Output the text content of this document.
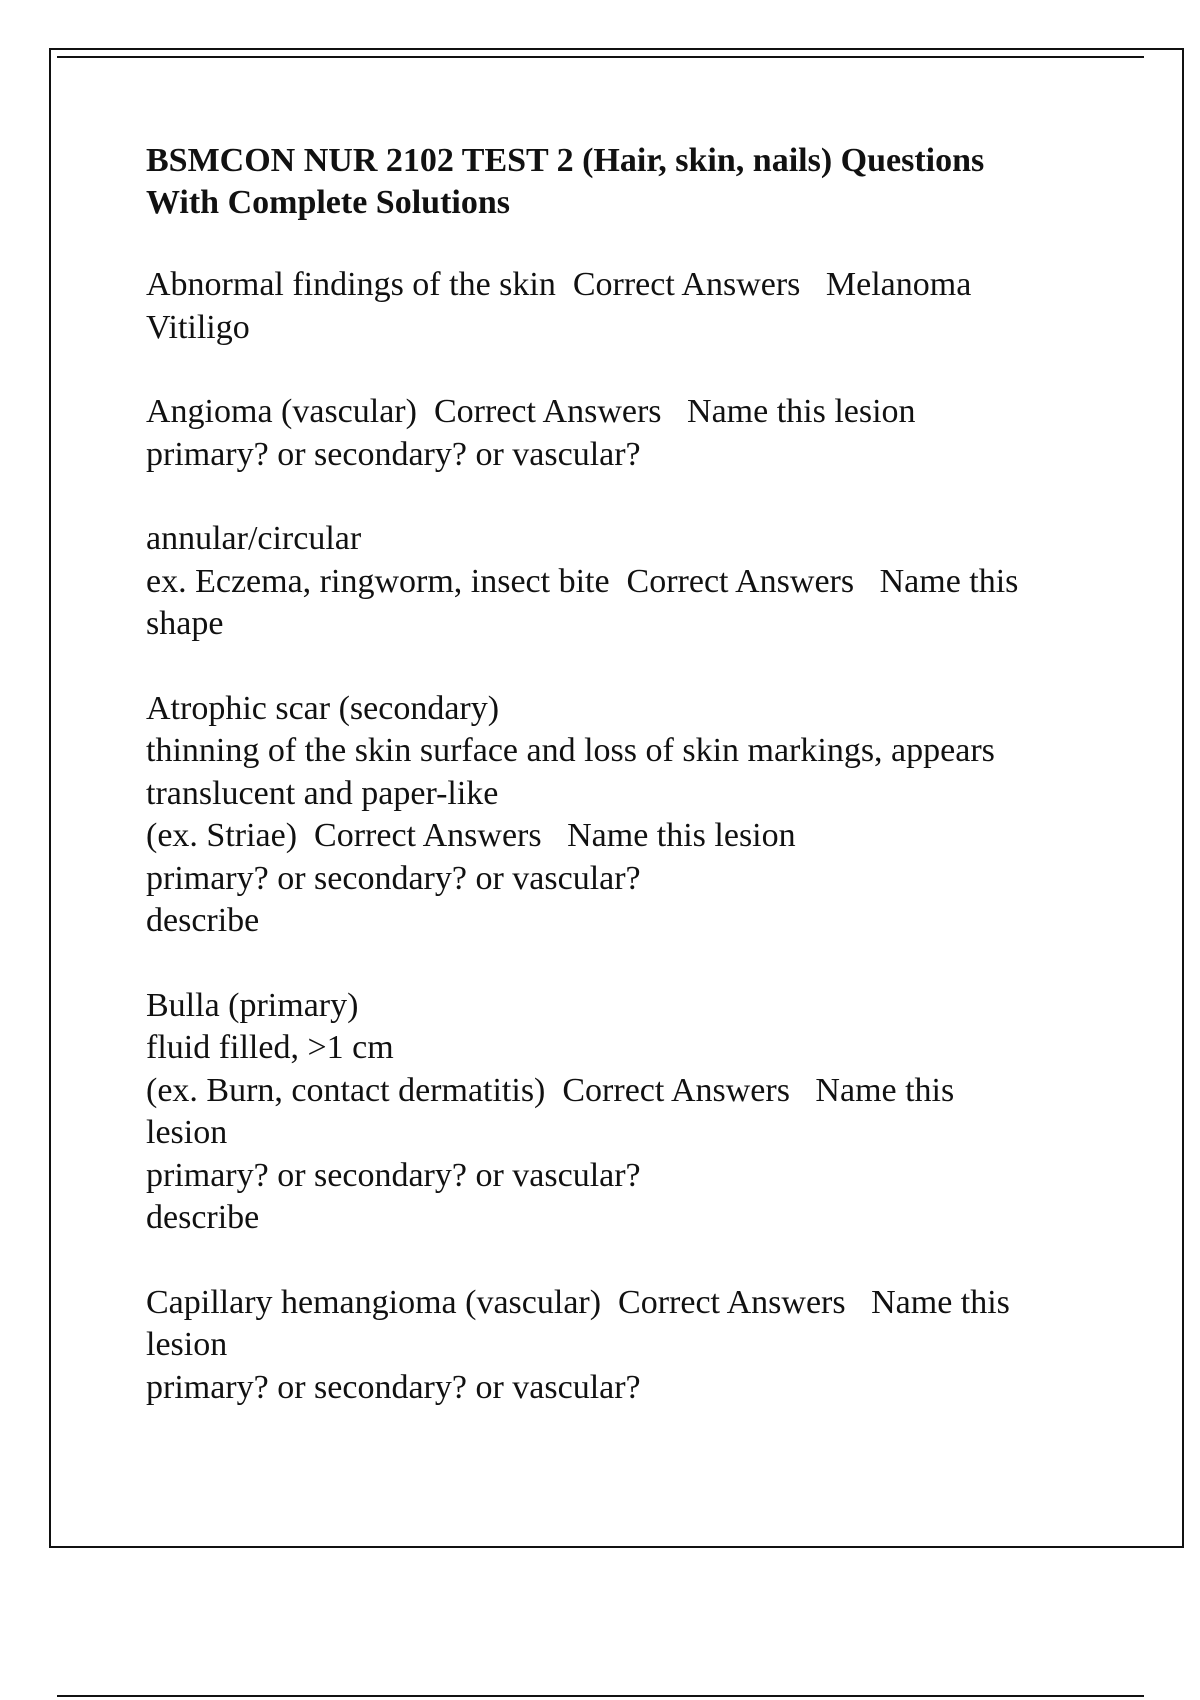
BSMCON NUR 2102 TEST 2 (Hair, skin, nails) Questions
With Complete Solutions
Abnormal findings of the skin  Correct Answers   Melanoma
Vitiligo
Angioma (vascular)  Correct Answers   Name this lesion
primary? or secondary? or vascular?
annular/circular
ex. Eczema, ringworm, insect bite  Correct Answers   Name this
shape
Atrophic scar (secondary)
thinning of the skin surface and loss of skin markings, appears
translucent and paper-like
(ex. Striae)  Correct Answers   Name this lesion
primary? or secondary? or vascular?
describe
Bulla (primary)
fluid filled, >1 cm
(ex. Burn, contact dermatitis)  Correct Answers   Name this
lesion
primary? or secondary? or vascular?
describe
Capillary hemangioma (vascular)  Correct Answers   Name this
lesion
primary? or secondary? or vascular?
